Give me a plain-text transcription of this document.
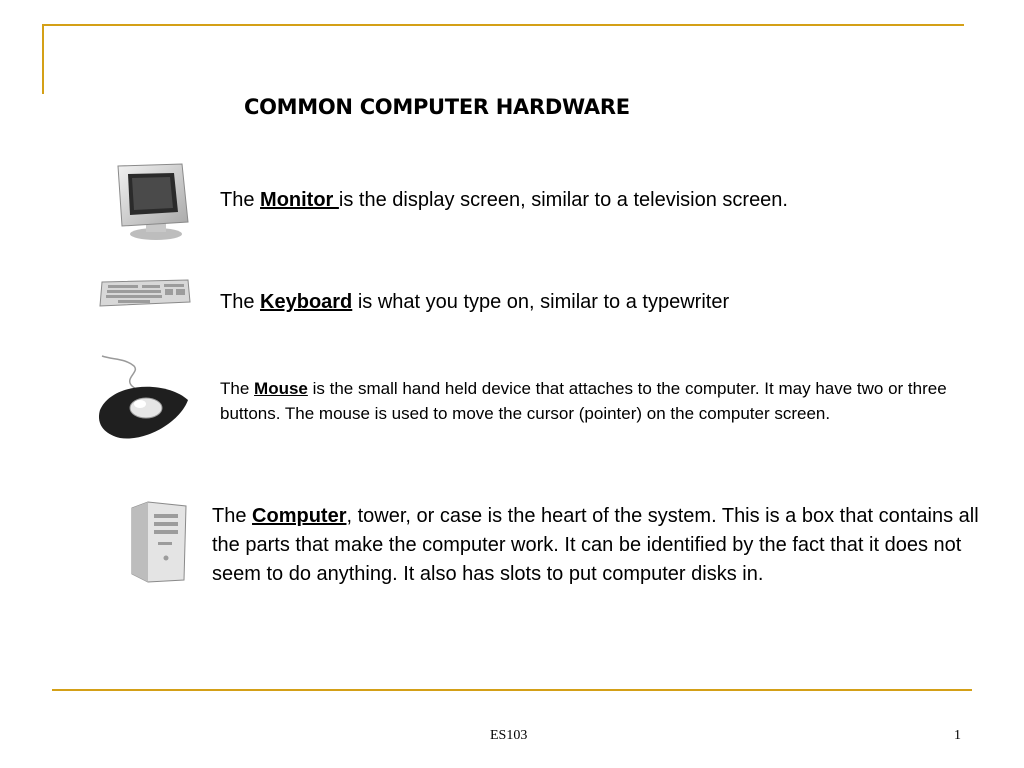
COMMON COMPUTER HARDWARE
The Monitor is the display screen, similar to a television screen.
The Keyboard is what you type on, similar to a typewriter
The Mouse is the small hand held device that attaches to the computer. It may have two or three buttons. The mouse is used to move the cursor (pointer) on the computer screen.
The Computer, tower, or case is the heart of the system. This is a box that contains all the parts that make the computer work. It can be identified by the fact that it does not seem to do anything. It also has slots to put computer disks in.
ES103	1
